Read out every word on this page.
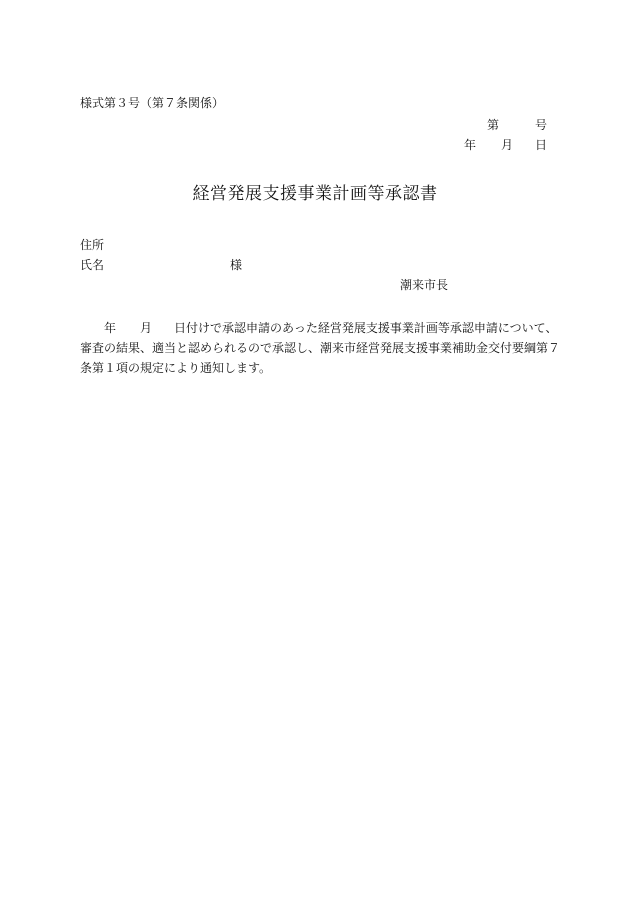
様式第３号（第７条関係）
第	号
年 月 日
経営発展支援事業計画等承認書
住所
氏名	様
潮来市長
年 月 日付けで承認申請のあった経営発展支援事業計画等承認申請について、
審査の結果、適当と認められるので承認し、潮来市経営発展支援事業補助金交付要綱第７
条第１項の規定により通知します。
